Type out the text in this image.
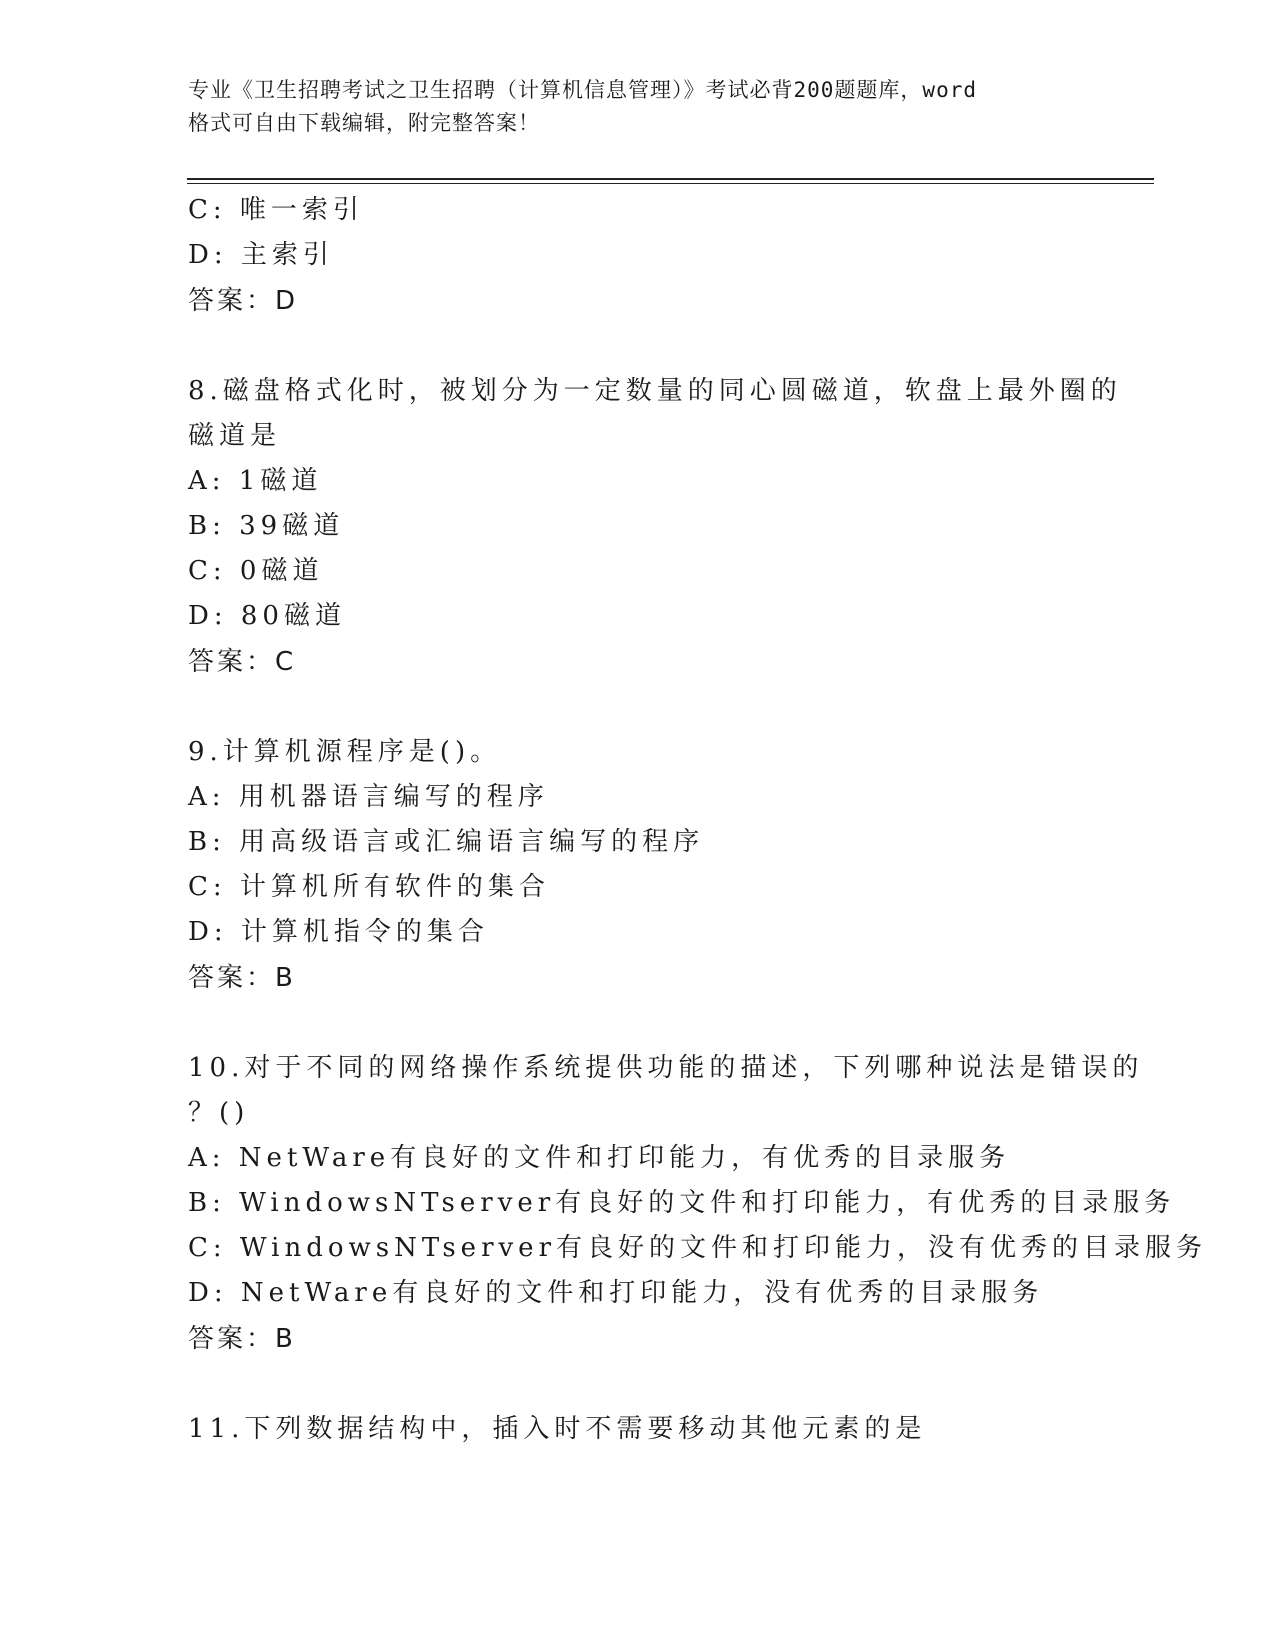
专业《卫生招聘考试之卫生招聘（计算机信息管理）》考试必背200题题库，word
格式可自由下载编辑，附完整答案！
C: 唯一索引
D: 主索引
答案：D
8.磁盘格式化时，被划分为一定数量的同心圆磁道，软盘上最外圈的
磁道是
A: 1磁道
B: 39磁道
C: 0磁道
D: 80磁道
答案：C
9.计算机源程序是()。
A: 用机器语言编写的程序
B: 用高级语言或汇编语言编写的程序
C: 计算机所有软件的集合
D: 计算机指令的集合
答案：B
10.对于不同的网络操作系统提供功能的描述，下列哪种说法是错误的
？()
A: NetWare有良好的文件和打印能力，有优秀的目录服务
B: WindowsNTserver有良好的文件和打印能力，有优秀的目录服务
C: WindowsNTserver有良好的文件和打印能力，没有优秀的目录服务
D: NetWare有良好的文件和打印能力，没有优秀的目录服务
答案：B
11.下列数据结构中，插入时不需要移动其他元素的是
